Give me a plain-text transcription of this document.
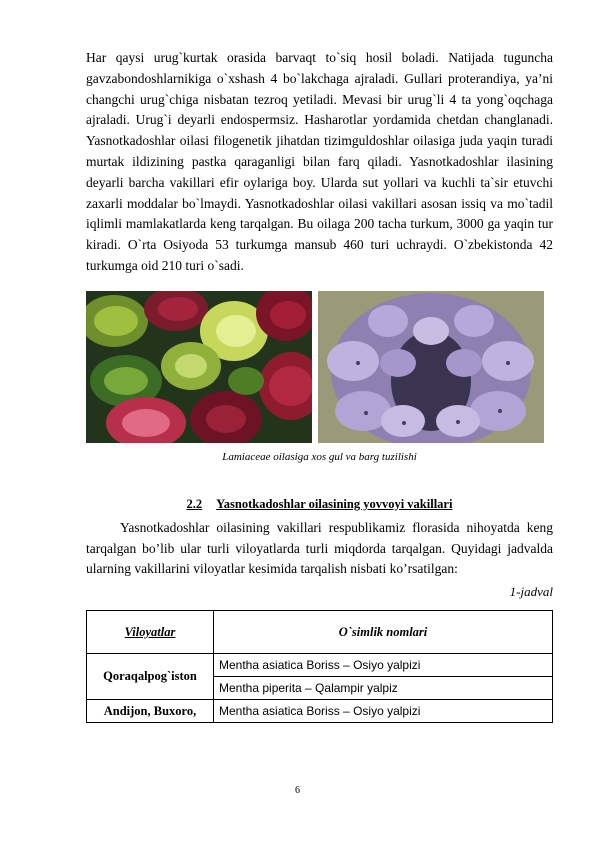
Har qaysi urug`kurtak orasida barvaqt to`siq hosil boladi. Natijada tuguncha gavzabondoshlarnikiga o`xshash 4 bo`lakchaga ajraladi. Gullari proterandiya, ya’ni changchi urug`chiga nisbatan tezroq yetiladi. Mevasi bir urug`li 4 ta yong`oqchaga ajraladi. Urug`i deyarli endospermsiz. Hasharotlar yordamida chetdan changlanadi. Yasnotkadoshlar oilasi filogenetik jihatdan tizimguldoshlar oilasiga juda yaqin turadi murtak ildizining pastka qaraganligi bilan farq qiladi. Yasnotkadoshlar ilasining deyarli barcha vakillari efir oylariga boy. Ularda sut yollari va kuchli ta`sir etuvchi zaxarli moddalar bo`lmaydi. Yasnotkadoshlar oilasi vakillari asosan issiq va mo`tadil iqlimli mamlakatlarda keng tarqalgan. Bu oilaga 200 tacha turkum, 3000 ga yaqin tur kiradi. O`rta Osiyoda 53 turkumga mansub 460 turi uchraydi. O`zbekistonda 42 turkumga oid 210 turi o`sadi.

Lamiaceae oilasiga xos gul va barg tuzilishi
2.2 Yasnotkadoshlar oilasining yovvoyi vakillari

Yasnotkadoshlar oilasining vakillari respublikamiz florasida nihoyatda keng tarqalgan bo’lib ular turli viloyatlarda turli miqdorda tarqalgan. Quyidagi jadvalda ularning vakillarini viloyatlar kesimida tarqalish nisbati ko’rsatilgan:

1-jadval
Viloyatlar	O`simlik nomlari
Qoraqalpog`iston	Mentha asiatica Boriss – Osiyo yalpizi
	Mentha piperita – Qalampir yalpiz
Andijon, Buxoro,	Mentha asiatica Boriss – Osiyo yalpizi
6
